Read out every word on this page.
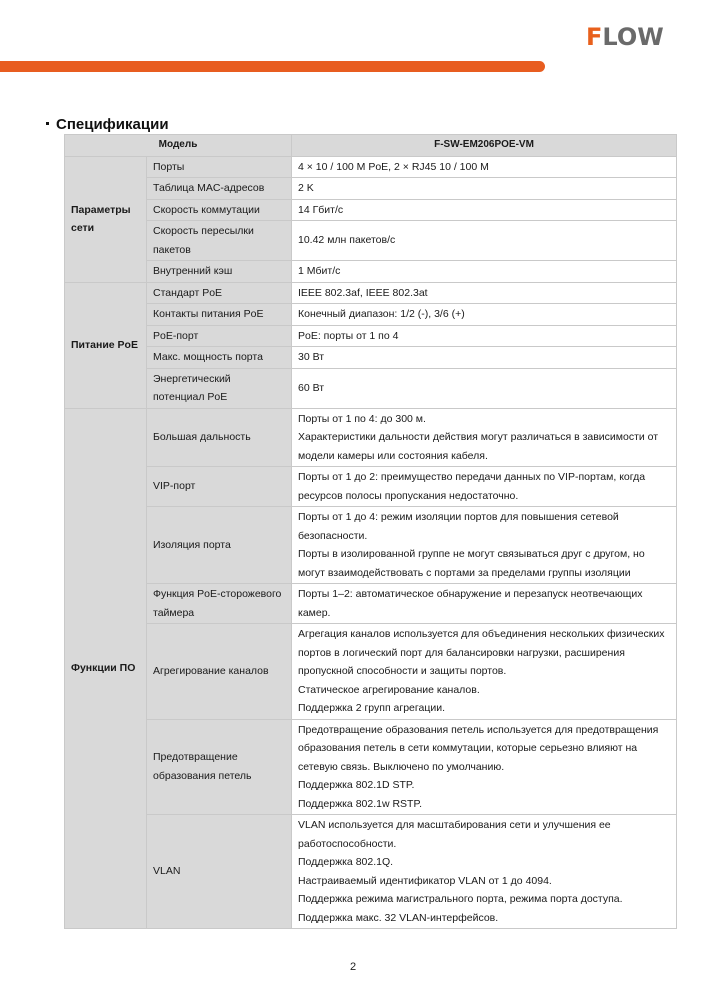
F LOW
Спецификации
Модель		F-SW-EM206POE-VM
Параметры сети	Порты	4 × 10 / 100 M PoE, 2 × RJ45 10 / 100 M

	Таблица MAC-адресов	2 K

	Скорость коммутации	14 Гбит/с

	Скорость пересылки пакетов	10.42 млн пакетов/с

	Внутренний кэш	1 Мбит/с

Питание PoE	Стандарт PoE	IEEE 802.3af, IEEE 802.3at

	Контакты питания PoE	Конечный диапазон: 1/2 (-), 3/6 (+)

	PoE-порт	PoE: порты от 1 по 4

	Макс. мощность порта	30 Вт

	Энергетический потенциал PoE	60 Вт

Функции ПО	Большая дальность	Порты от 1 по 4: до 300 м.
Характеристики дальности действия могут различаться в зависимости от модели камеры или состояния кабеля.

	VIP-порт	Порты от 1 до 2: преимущество передачи данных по VIP-портам, когда ресурсов полосы пропускания недостаточно.

	Изоляция порта	Порты от 1 до 4: режим изоляции портов для повышения сетевой безопасности.
Порты в изолированной группе не могут связываться друг с другом, но могут взаимодействовать с портами за пределами группы изоляции

	Функция PoE-сторожевого таймера	Порты 1–2: автоматическое обнаружение и перезапуск неотвечающих камер.

	Агрегирование каналов	Агрегация каналов используется для объединения нескольких физических портов в логический порт для балансировки нагрузки, расширения пропускной способности и защиты портов.
Статическое агрегирование каналов.
Поддержка 2 групп агрегации.

	Предотвращение образования петель	Предотвращение образования петель используется для предотвращения образования петель в сети коммутации, которые серьезно влияют на сетевую связь. Выключено по умолчанию.
Поддержка 802.1D STP.
Поддержка 802.1w RSTP.

	VLAN	VLAN используется для масштабирования сети и улучшения ее работоспособности.
Поддержка 802.1Q.
Настраиваемый идентификатор VLAN от 1 до 4094.
Поддержка режима магистрального порта, режима порта доступа.
Поддержка макс. 32 VLAN-интерфейсов.
2
